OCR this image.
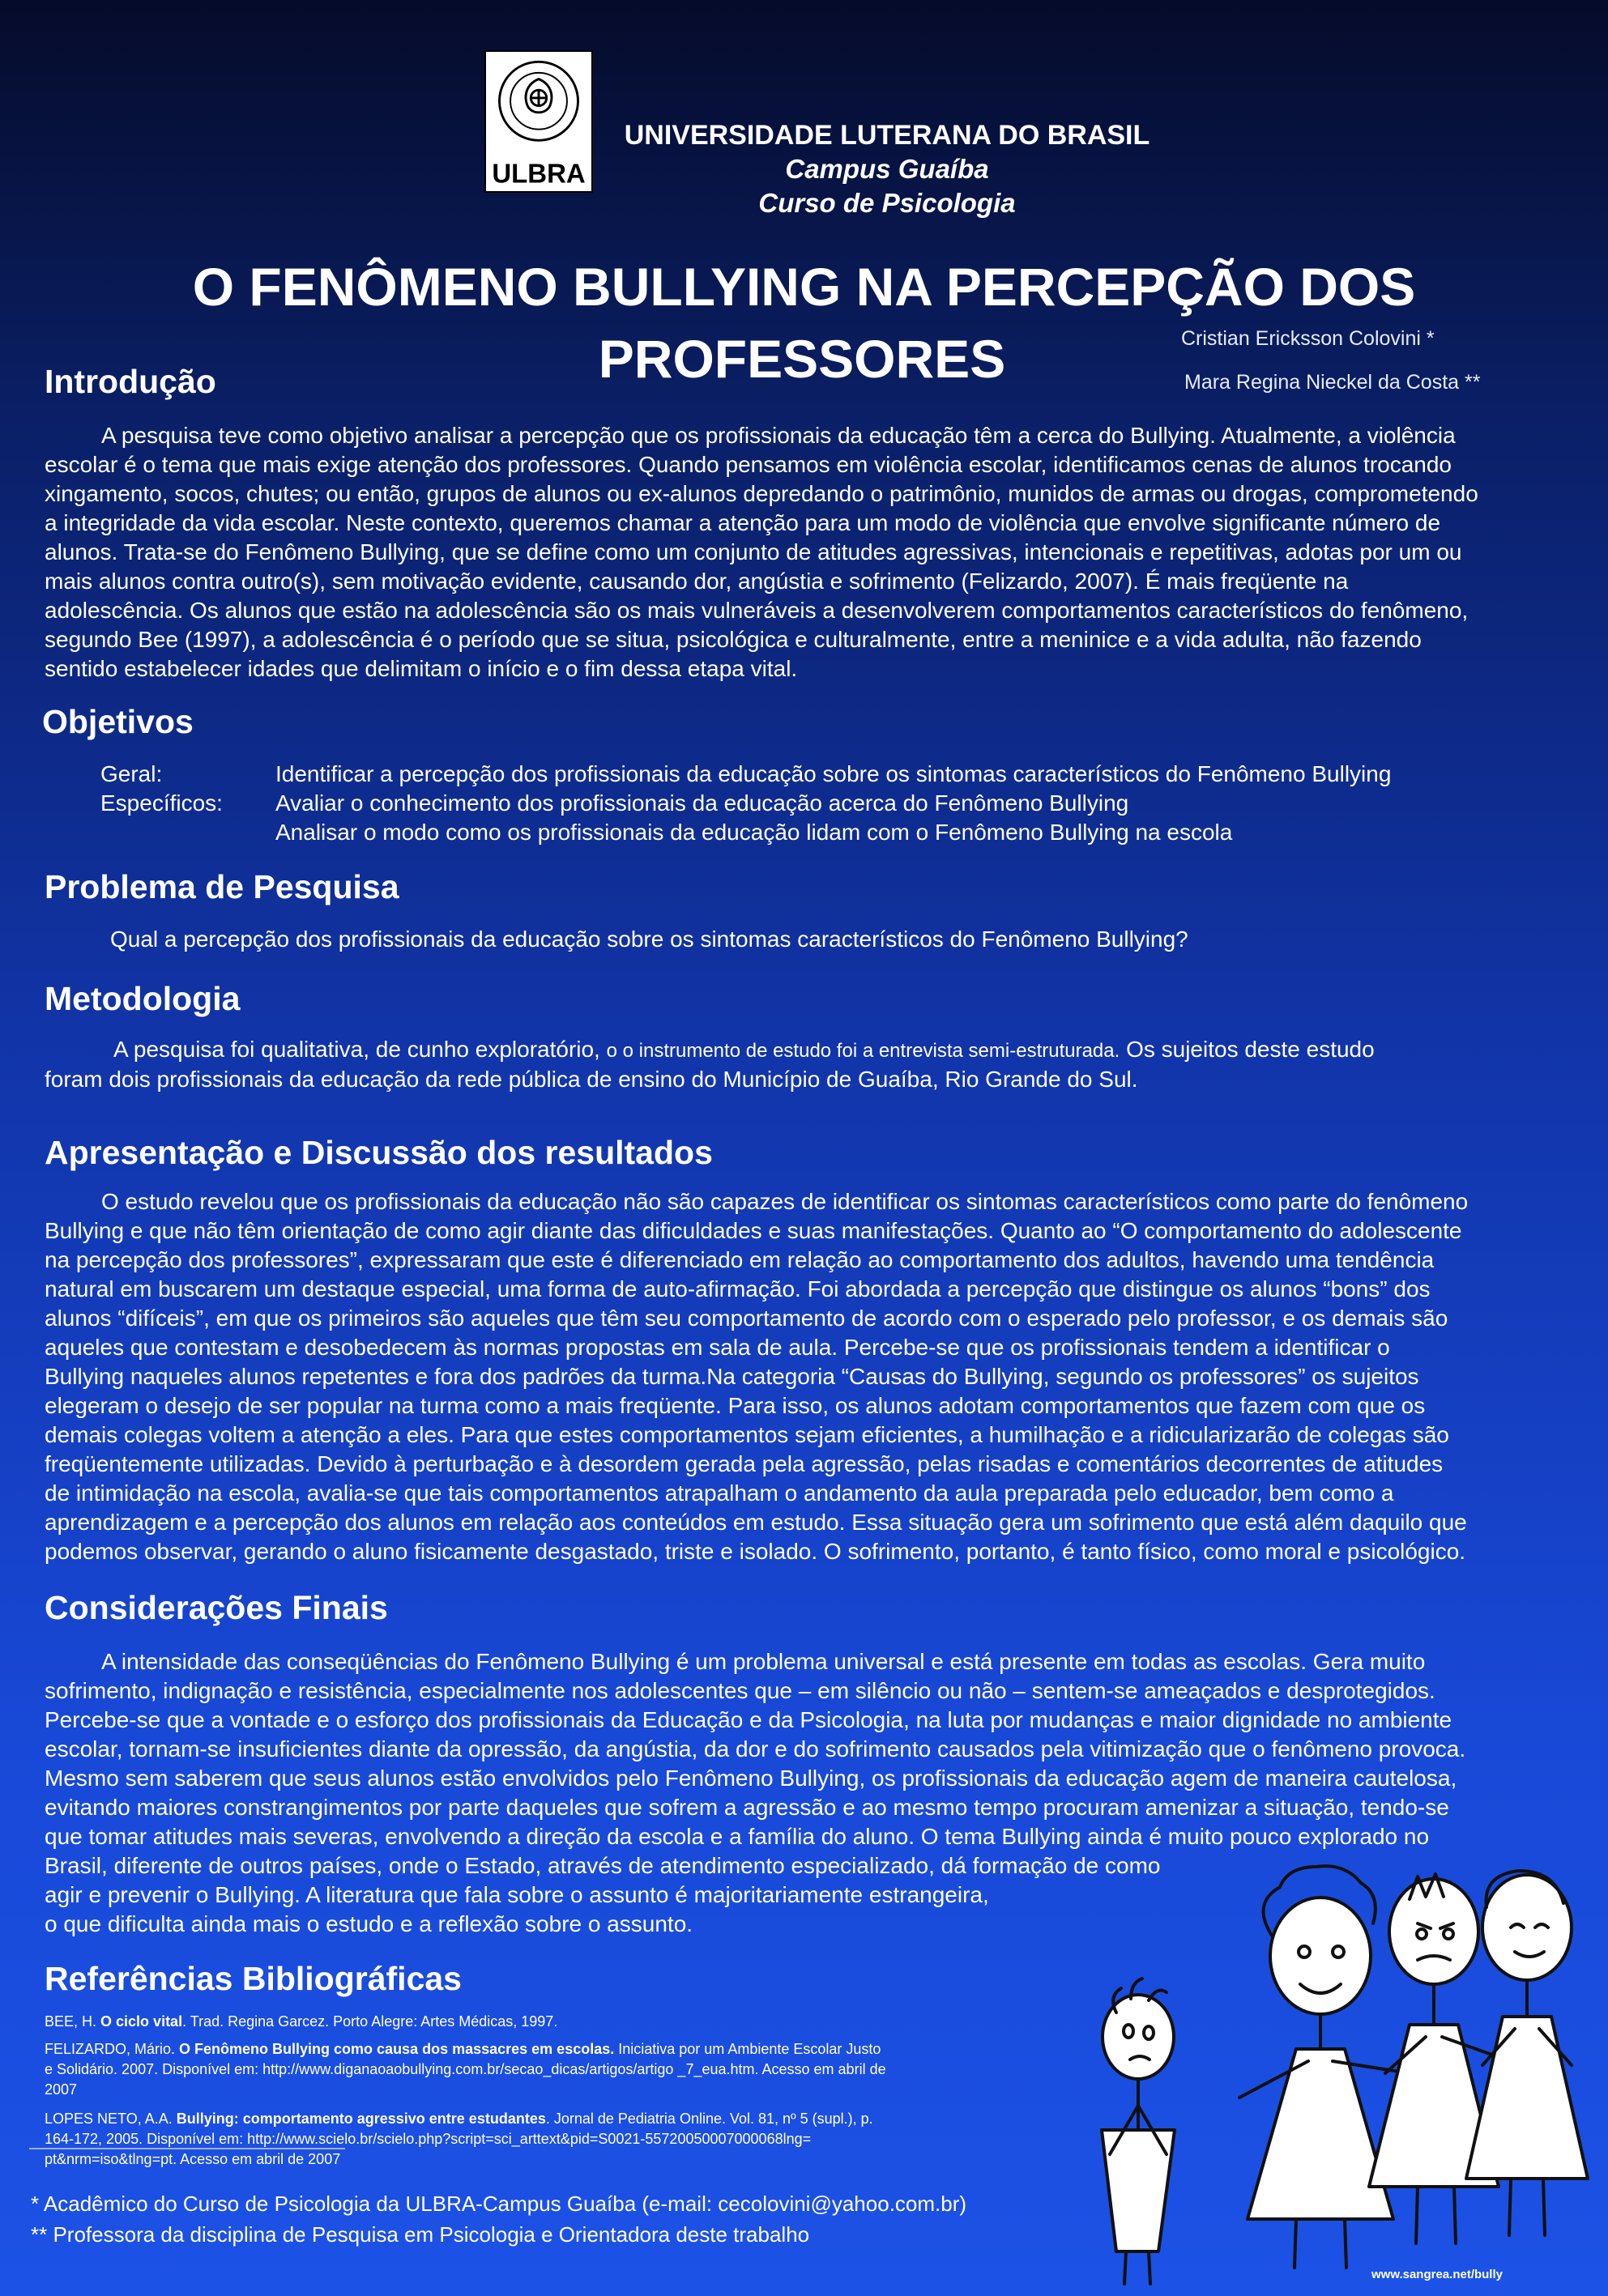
ULBRA
UNIVERSIDADE LUTERANA DO BRASIL
Campus Guaíba
Curso de Psicologia
O FENÔMENO BULLYING NA PERCEPÇÃO DOS
PROFESSORES	Cristian Ericksson Colovini *
Mara Regina Nieckel da Costa **
Introdução

A pesquisa teve como objetivo analisar a percepção que os profissionais da educação têm a cerca do Bullying. Atualmente, a violência
escolar é o tema que mais exige atenção dos professores. Quando pensamos em violência escolar, identificamos cenas de alunos trocando
xingamento, socos, chutes; ou então, grupos de alunos ou ex-alunos depredando o patrimônio, munidos de armas ou drogas, comprometendo
a integridade da vida escolar. Neste contexto, queremos chamar a atenção para um modo de violência que envolve significante número de
alunos. Trata-se do Fenômeno Bullying, que se define como um conjunto de atitudes agressivas, intencionais e repetitivas, adotas por um ou
mais alunos contra outro(s), sem motivação evidente, causando dor, angústia e sofrimento (Felizardo, 2007). É mais freqüente na
adolescência. Os alunos que estão na adolescência são os mais vulneráveis a desenvolverem comportamentos característicos do fenômeno,
segundo Bee (1997), a adolescência é o período que se situa, psicológica e culturalmente, entre a meninice e a vida adulta, não fazendo
sentido estabelecer idades que delimitam o início e o fim dessa etapa vital.

Objetivos
Geral:	Identificar a percepção dos profissionais da educação sobre os sintomas característicos do Fenômeno Bullying
Específicos: Avaliar o conhecimento dos profissionais da educação acerca do Fenômeno Bullying
Analisar o modo como os profissionais da educação lidam com o Fenômeno Bullying na escola
Problema de Pesquisa
Qual a percepção dos profissionais da educação sobre os sintomas característicos do Fenômeno Bullying?
Metodologia
A pesquisa foi qualitativa, de cunho exploratório, o o instrumento de estudo foi a entrevista semi-estruturada. Os sujeitos deste estudo
foram dois profissionais da educação da rede pública de ensino do Município de Guaíba, Rio Grande do Sul.
Apresentação e Discussão dos resultados

O estudo revelou que os profissionais da educação não são capazes de identificar os sintomas característicos como parte do fenômeno
Bullying e que não têm orientação de como agir diante das dificuldades e suas manifestações. Quanto ao “O comportamento do adolescente
na percepção dos professores”, expressaram que este é diferenciado em relação ao comportamento dos adultos, havendo uma tendência
natural em buscarem um destaque especial, uma forma de auto-afirmação. Foi abordada a percepção que distingue os alunos “bons” dos
alunos “difíceis”, em que os primeiros são aqueles que têm seu comportamento de acordo com o esperado pelo professor, e os demais são
aqueles que contestam e desobedecem às normas propostas em sala de aula. Percebe-se que os profissionais tendem a identificar o
Bullying naqueles alunos repetentes e fora dos padrões da turma.Na categoria “Causas do Bullying, segundo os professores” os sujeitos
elegeram o desejo de ser popular na turma como a mais freqüente. Para isso, os alunos adotam comportamentos que fazem com que os
demais colegas voltem a atenção a eles. Para que estes comportamentos sejam eficientes, a humilhação e a ridicularizarão de colegas são
freqüentemente utilizadas. Devido à perturbação e à desordem gerada pela agressão, pelas risadas e comentários decorrentes de atitudes
de intimidação na escola, avalia-se que tais comportamentos atrapalham o andamento da aula preparada pelo educador, bem como a
aprendizagem e a percepção dos alunos em relação aos conteúdos em estudo. Essa situação gera um sofrimento que está além daquilo que
podemos observar, gerando o aluno fisicamente desgastado, triste e isolado. O sofrimento, portanto, é tanto físico, como moral e psicológico.

Considerações Finais

A intensidade das conseqüências do Fenômeno Bullying é um problema universal e está presente em todas as escolas. Gera muito
sofrimento, indignação e resistência, especialmente nos adolescentes que – em silêncio ou não – sentem-se ameaçados e desprotegidos.
Percebe-se que a vontade e o esforço dos profissionais da Educação e da Psicologia, na luta por mudanças e maior dignidade no ambiente
escolar, tornam-se insuficientes diante da opressão, da angústia, da dor e do sofrimento causados pela vitimização que o fenômeno provoca.
Mesmo sem saberem que seus alunos estão envolvidos pelo Fenômeno Bullying, os profissionais da educação agem de maneira cautelosa,
evitando maiores constrangimentos por parte daqueles que sofrem a agressão e ao mesmo tempo procuram amenizar a situação, tendo-se
que tomar atitudes mais severas, envolvendo a direção da escola e a família do aluno. O tema Bullying ainda é muito pouco explorado no
Brasil, diferente de outros países, onde o Estado, através de atendimento especializado, dá formação de como
agir e prevenir o Bullying. A literatura que fala sobre o assunto é majoritariamente estrangeira,
o que dificulta ainda mais o estudo e a reflexão sobre o assunto.

Referências Bibliográficas
BEE, H. O ciclo vital. Trad. Regina Garcez. Porto Alegre: Artes Médicas, 1997.
FELIZARDO, Mário. O Fenômeno Bullying como causa dos massacres em escolas. Iniciativa por um Ambiente Escolar Justo
e Solidário. 2007. Disponível em: http://www.diganaoaobullying.com.br/secao_dicas/artigos/artigo _7_eua.htm. Acesso em abril de
2007
LOPES NETO, A.A. Bullying: comportamento agressivo entre estudantes. Jornal de Pediatria Online. Vol. 81, nº 5 (supl.), p.
164-172, 2005. Disponível em: http://www.scielo.br/scielo.php?script=sci_arttext&pid=S0021-55720050007000068lng=
pt&nrm=iso&tlng=pt. Acesso em abril de 2007
* Acadêmico do Curso de Psicologia da ULBRA-Campus Guaíba (e-mail: cecolovini@yahoo.com.br)
** Professora da disciplina de Pesquisa em Psicologia e Orientadora deste trabalho
www.sangrea.net/bully
